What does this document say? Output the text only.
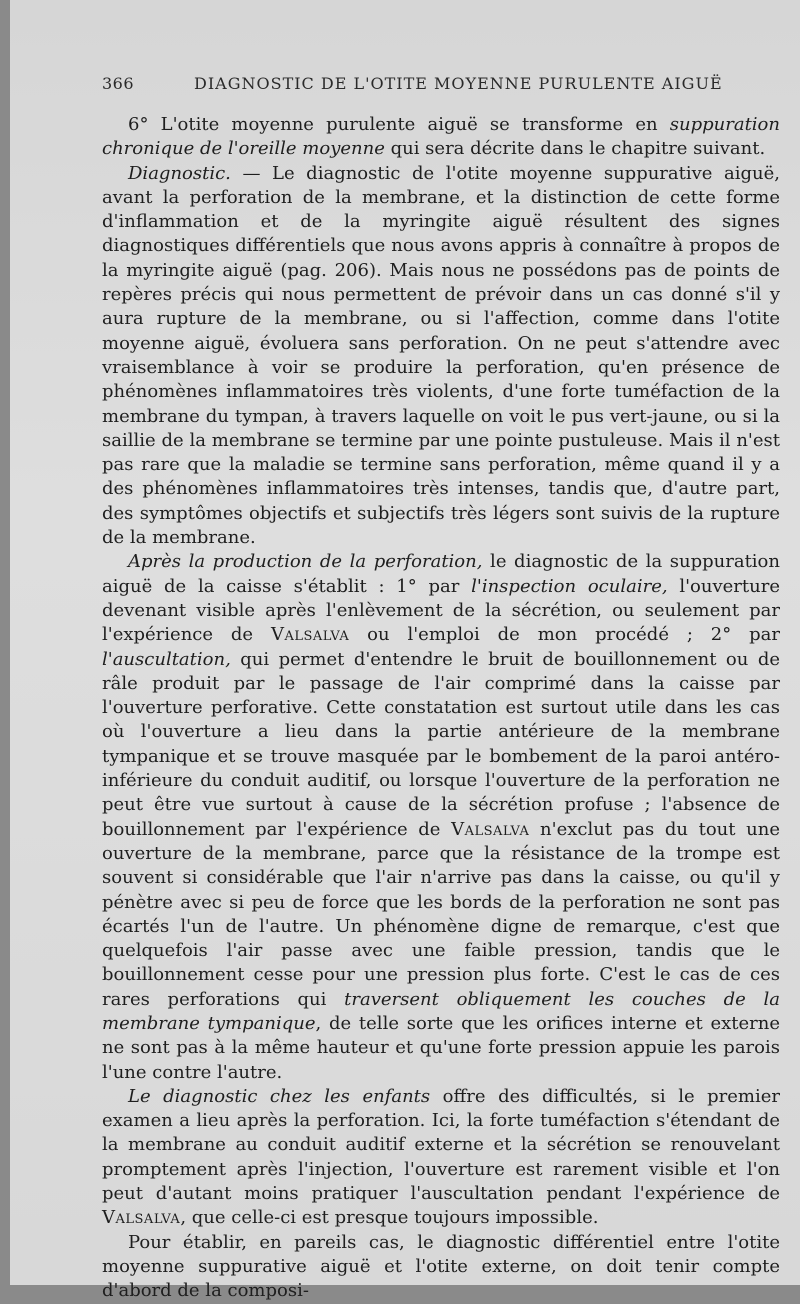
366	DIAGNOSTIC DE L'OTITE MOYENNE PURULENTE AIGUË

6° L'otite moyenne purulente aiguë se transforme en suppuration chronique de l'oreille moyenne qui sera décrite dans le chapitre suivant.

Diagnostic. — Le diagnostic de l'otite moyenne suppurative aiguë, avant la perforation de la membrane, et la distinction de cette forme d'inflammation et de la myringite aiguë résultent des signes diagnostiques différentiels que nous avons appris à connaître à propos de la myringite aiguë (pag. 206). Mais nous ne possédons pas de points de repères précis qui nous permettent de prévoir dans un cas donné s'il y aura rupture de la membrane, ou si l'affection, comme dans l'otite moyenne aiguë, évoluera sans perforation. On ne peut s'attendre avec vraisemblance à voir se produire la perforation, qu'en présence de phénomènes inflammatoires très violents, d'une forte tuméfaction de la membrane du tympan, à travers laquelle on voit le pus vert-jaune, ou si la saillie de la membrane se termine par une pointe pustuleuse. Mais il n'est pas rare que la maladie se termine sans perforation, même quand il y a des phénomènes inflammatoires très intenses, tandis que, d'autre part, des symptômes objectifs et subjectifs très légers sont suivis de la rupture de la membrane.

Après la production de la perforation, le diagnostic de la suppuration aiguë de la caisse s'établit : 1° par l'inspection oculaire, l'ouverture devenant visible après l'enlèvement de la sécrétion, ou seulement par l'expérience de Valsalva ou l'emploi de mon procédé ; 2° par l'auscultation, qui permet d'entendre le bruit de bouillonnement ou de râle produit par le passage de l'air comprimé dans la caisse par l'ouverture perforative. Cette constatation est surtout utile dans les cas où l'ouverture a lieu dans la partie antérieure de la membrane tympanique et se trouve masquée par le bombement de la paroi antéro-inférieure du conduit auditif, ou lorsque l'ouverture de la perforation ne peut être vue surtout à cause de la sécrétion profuse ; l'absence de bouillonnement par l'expérience de Valsalva n'exclut pas du tout une ouverture de la membrane, parce que la résistance de la trompe est souvent si considérable que l'air n'arrive pas dans la caisse, ou qu'il y pénètre avec si peu de force que les bords de la perforation ne sont pas écartés l'un de l'autre. Un phénomène digne de remarque, c'est que quelquefois l'air passe avec une faible pression, tandis que le bouillonnement cesse pour une pression plus forte. C'est le cas de ces rares perforations qui traversent obliquement les couches de la membrane tympanique, de telle sorte que les orifices interne et externe ne sont pas à la même hauteur et qu'une forte pression appuie les parois l'une contre l'autre.

Le diagnostic chez les enfants offre des difficultés, si le premier examen a lieu après la perforation. Ici, la forte tuméfaction s'étendant de la membrane au conduit auditif externe et la sécrétion se renouvelant promptement après l'injection, l'ouverture est rarement visible et l'on peut d'autant moins pratiquer l'auscultation pendant l'expérience de Valsalva, que celle-ci est presque toujours impossible.

Pour établir, en pareils cas, le diagnostic différentiel entre l'otite moyenne suppurative aiguë et l'otite externe, on doit tenir compte d'abord de la composi-
